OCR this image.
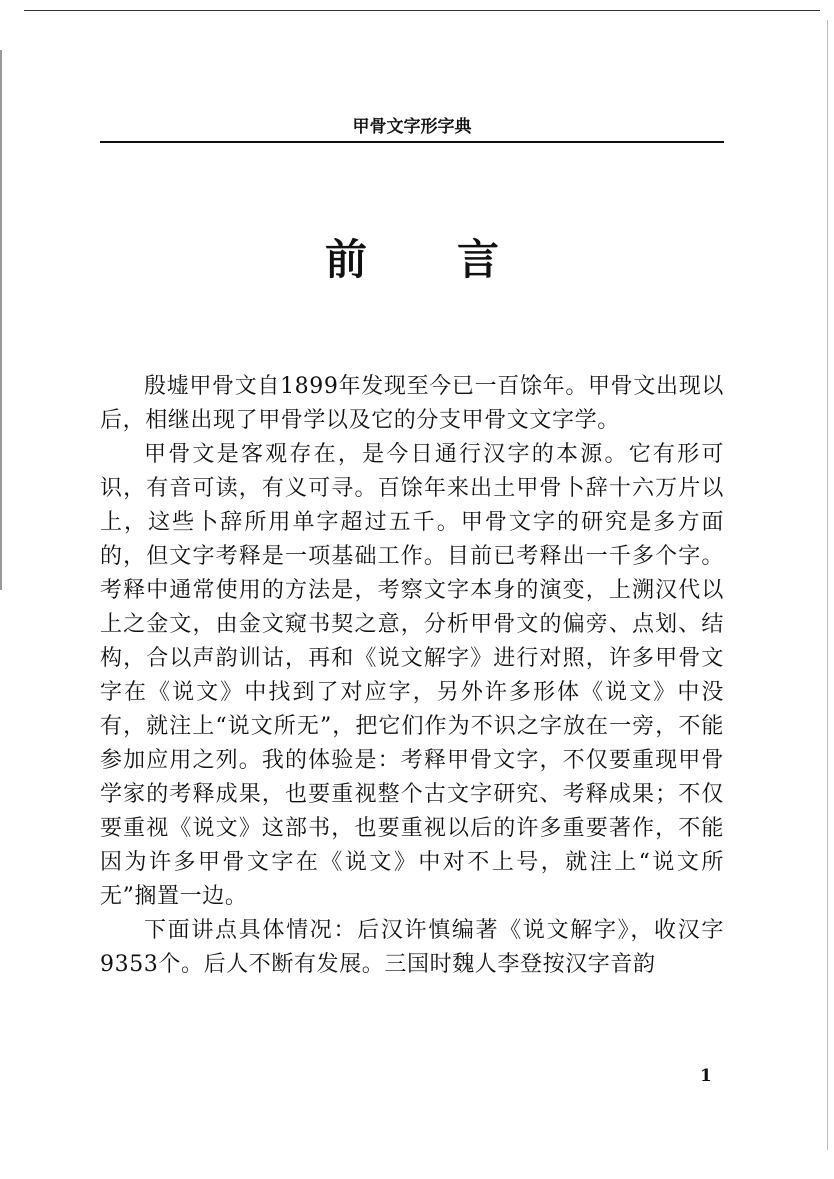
甲骨文字形字典
前 言

殷墟甲骨文自1899年发现至今已一百馀年。甲骨文出现以后，相继出现了甲骨学以及它的分支甲骨文文字学。

甲骨文是客观存在，是今日通行汉字的本源。它有形可识，有音可读，有义可寻。百馀年来出土甲骨卜辞十六万片以上，这些卜辞所用单字超过五千。甲骨文字的研究是多方面的，但文字考释是一项基础工作。目前已考释出一千多个字。考释中通常使用的方法是，考察文字本身的演变，上溯汉代以上之金文，由金文窥书契之意，分析甲骨文的偏旁、点划、结构，合以声韵训诂，再和《说文解字》进行对照，许多甲骨文字在《说文》中找到了对应字，另外许多形体《说文》中没有，就注上“说文所无”，把它们作为不识之字放在一旁，不能参加应用之列。我的体验是：考释甲骨文字，不仅要重现甲骨学家的考释成果，也要重视整个古文字研究、考释成果；不仅要重视《说文》这部书，也要重视以后的许多重要著作，不能因为许多甲骨文字在《说文》中对不上号，就注上“说文所无”搁置一边。

下面讲点具体情况：后汉许慎编著《说文解字》，收汉字9353个。后人不断有发展。三国时魏人李登按汉字音韵

1
